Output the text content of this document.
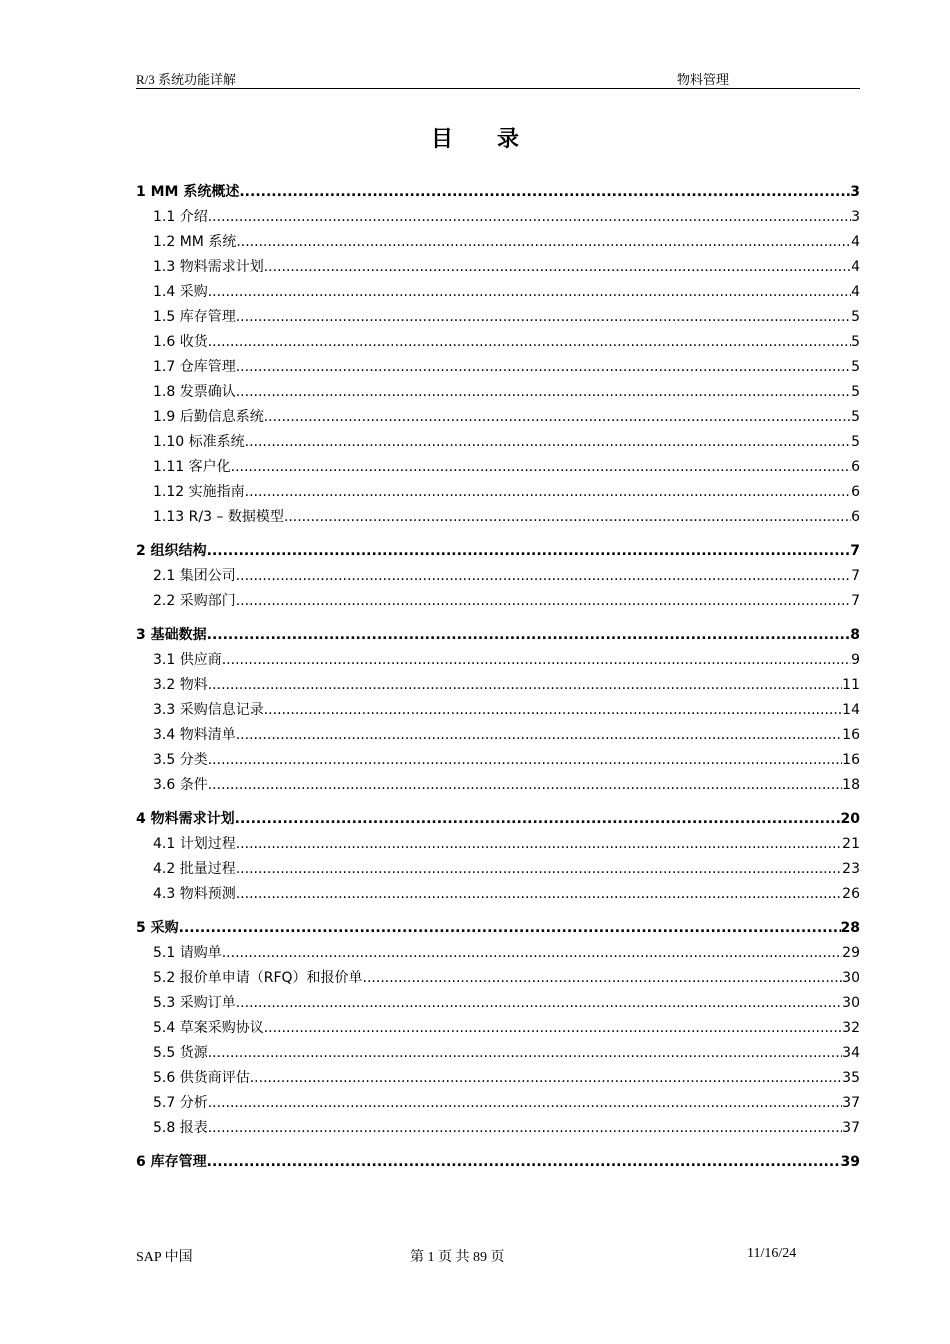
R/3 系统功能详解	物料管理
目录
1 MM 系统概述 .....	3
1.1 介绍 .....	3
1.2 MM 系统 .....	4
1.3 物料需求计划 .....	4
1.4 采购 .....	4
1.5 库存管理 .....	5
1.6 收货 .....	5
1.7 仓库管理 .....	5
1.8 发票确认 .....	5
1.9 后勤信息系统 .....	5
1.10 标准系统 .....	5
1.11 客户化 .....	6
1.12 实施指南 .....	6
1.13 R/3 – 数据模型 .....	6
2 组织结构 .....	7
2.1 集团公司 .....	7
2.2 采购部门 .....	7
3 基础数据 .....	8
3.1 供应商 .....	9
3.2 物料 .....	11
3.3 采购信息记录 .....	14
3.4 物料清单 .....	16
3.5 分类 .....	16
3.6 条件 .....	18
4 物料需求计划 .....	20
4.1 计划过程 .....	21
4.2 批量过程 .....	23
4.3 物料预测 .....	26
5 采购 .....	28
5.1 请购单 .....	29
5.2 报价单申请（RFQ）和报价单 .....	30
5.3 采购订单 .....	30
5.4 草案采购协议 .....	32
5.5 货源 .....	34
5.6 供货商评估 .....	35
5.7 分析 .....	37
5.8 报表 .....	37
6 库存管理 .....	39
SAP 中国	第 1 页 共 89 页	11/16/24
